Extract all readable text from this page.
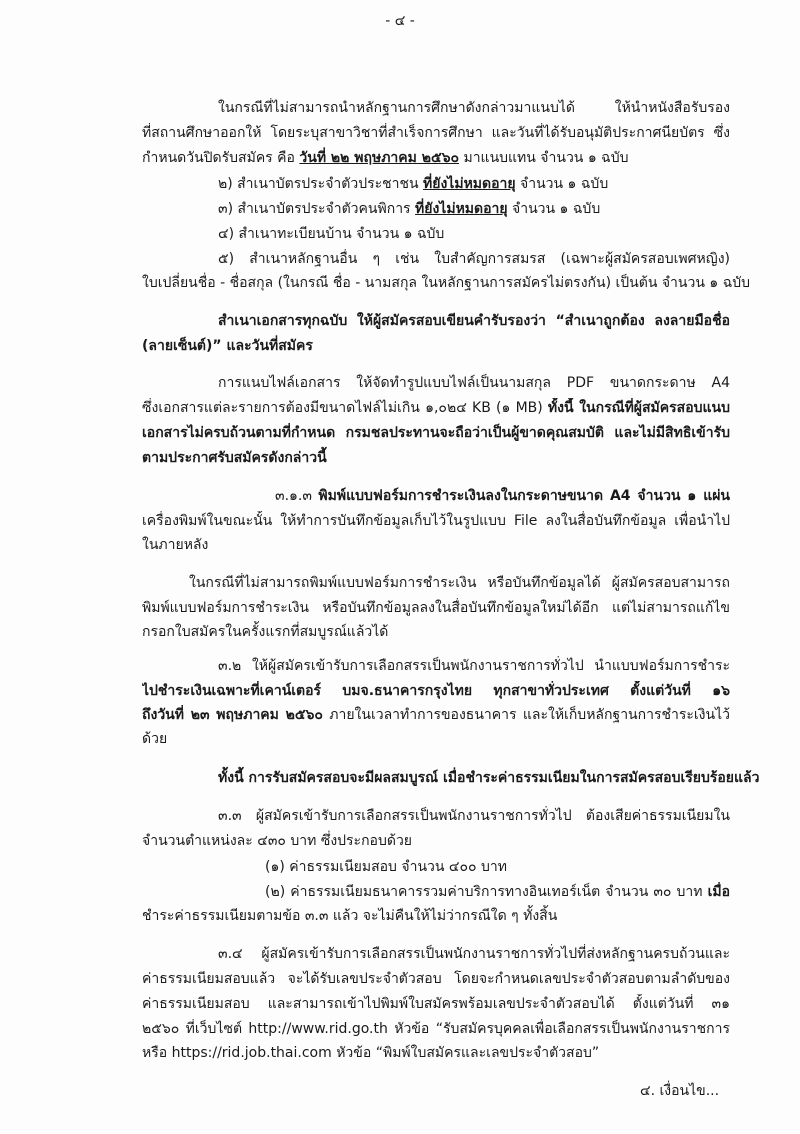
- ๔ -
ในกรณีที่ไม่สามารถนำหลักฐานการศึกษาดังกล่าวมาแนบได้ ให้นำหนังสือรับรอง
ที่สถานศึกษาออกให้ โดยระบุสาขาวิชาที่สำเร็จการศึกษา และวันที่ได้รับอนุมัติประกาศนียบัตร ซึ่ง
กำหนดวันปิดรับสมัคร คือ วันที่ ๒๒ พฤษภาคม ๒๕๖๐ มาแนบแทน จำนวน ๑ ฉบับ
๒) สำเนาบัตรประจำตัวประชาชน ที่ยังไม่หมดอายุ จำนวน ๑ ฉบับ
๓) สำเนาบัตรประจำตัวคนพิการ ที่ยังไม่หมดอายุ จำนวน ๑ ฉบับ
๔) สำเนาทะเบียนบ้าน จำนวน ๑ ฉบับ
๕) สำเนาหลักฐานอื่น ๆ เช่น ใบสำคัญการสมรส (เฉพาะผู้สมัครสอบเพศหญิง)
ใบเปลี่ยนชื่อ - ชื่อสกุล (ในกรณี ชื่อ - นามสกุล ในหลักฐานการสมัครไม่ตรงกัน) เป็นต้น จำนวน ๑ ฉบับ
สำเนาเอกสารทุกฉบับ ให้ผู้สมัครสอบเขียนคำรับรองว่า “สำเนาถูกต้อง ลงลายมือชื่อ
(ลายเซ็นต์)” และวันที่สมัคร
การแนบไฟล์เอกสาร ให้จัดทำรูปแบบไฟล์เป็นนามสกุล PDF ขนาดกระดาษ A4
ซึ่งเอกสารแต่ละรายการต้องมีขนาดไฟล์ไม่เกิน ๑,๐๒๔ KB (๑ MB) ทั้งนี้ ในกรณีที่ผู้สมัครสอบแนบ
เอกสารไม่ครบถ้วนตามที่กำหนด กรมชลประทานจะถือว่าเป็นผู้ขาดคุณสมบัติ และไม่มีสิทธิเข้ารับ
ตามประกาศรับสมัครดังกล่าวนี้
๓.๑.๓ พิมพ์แบบฟอร์มการชำระเงินลงในกระดาษขนาด A4 จำนวน ๑ แผ่น
เครื่องพิมพ์ในขณะนั้น ให้ทำการบันทึกข้อมูลเก็บไว้ในรูปแบบ File ลงในสื่อบันทึกข้อมูล เพื่อนำไป
ในภายหลัง
ในกรณีที่ไม่สามารถพิมพ์แบบฟอร์มการชำระเงิน หรือบันทึกข้อมูลได้ ผู้สมัครสอบสามารถ
พิมพ์แบบฟอร์มการชำระเงิน หรือบันทึกข้อมูลลงในสื่อบันทึกข้อมูลใหม่ได้อีก แต่ไม่สามารถแก้ไข
กรอกใบสมัครในครั้งแรกที่สมบูรณ์แล้วได้
๓.๒ ให้ผู้สมัครเข้ารับการเลือกสรรเป็นพนักงานราชการทั่วไป นำแบบฟอร์มการชำระ
ไปชำระเงินเฉพาะที่เคาน์เตอร์ บมจ.ธนาคารกรุงไทย ทุกสาขาทั่วประเทศ ตั้งแต่วันที่ ๑๖
ถึงวันที่ ๒๓ พฤษภาคม ๒๕๖๐ ภายในเวลาทำการของธนาคาร และให้เก็บหลักฐานการชำระเงินไว้
ด้วย
ทั้งนี้ การรับสมัครสอบจะมีผลสมบูรณ์ เมื่อชำระค่าธรรมเนียมในการสมัครสอบเรียบร้อยแล้ว
๓.๓ ผู้สมัครเข้ารับการเลือกสรรเป็นพนักงานราชการทั่วไป ต้องเสียค่าธรรมเนียมใน
จำนวนตำแหน่งละ ๔๓๐ บาท ซึ่งประกอบด้วย
(๑) ค่าธรรมเนียมสอบ จำนวน ๔๐๐ บาท
(๒) ค่าธรรมเนียมธนาคารรวมค่าบริการทางอินเทอร์เน็ต จำนวน ๓๐ บาท เมื่อ
ชำระค่าธรรมเนียมตามข้อ ๓.๓ แล้ว จะไม่คืนให้ไม่ว่ากรณีใด ๆ ทั้งสิ้น
๓.๔ ผู้สมัครเข้ารับการเลือกสรรเป็นพนักงานราชการทั่วไปที่ส่งหลักฐานครบถ้วนและ
ค่าธรรมเนียมสอบแล้ว จะได้รับเลขประจำตัวสอบ โดยจะกำหนดเลขประจำตัวสอบตามลำดับของ
ค่าธรรมเนียมสอบ และสามารถเข้าไปพิมพ์ใบสมัครพร้อมเลขประจำตัวสอบได้ ตั้งแต่วันที่ ๓๑
๒๕๖๐ ที่เว็บไซต์ http://www.rid.go.th หัวข้อ “รับสมัครบุคคลเพื่อเลือกสรรเป็นพนักงานราชการ
หรือ https://rid.job.thai.com หัวข้อ “พิมพ์ใบสมัครและเลขประจำตัวสอบ”
๔. เงื่อนไข...
